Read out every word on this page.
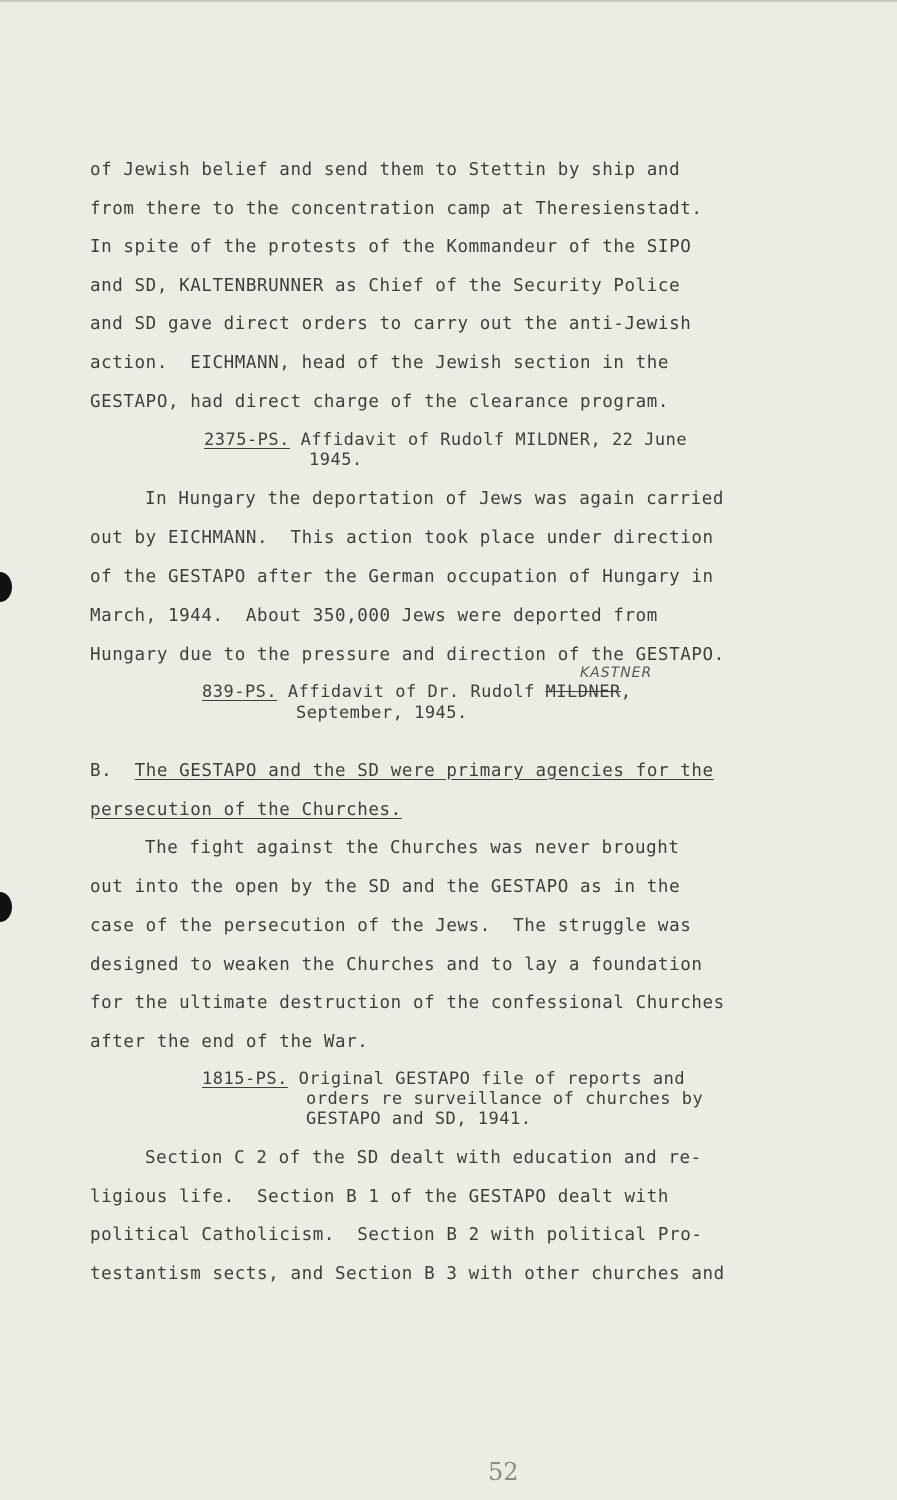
of Jewish belief and send them to Stettin by ship and
from there to the concentration camp at Theresienstadt.
In spite of the protests of the Kommandeur of the SIPO
and SD, KALTENBRUNNER as Chief of the Security Police
and SD gave direct orders to carry out the anti-Jewish
action.  EICHMANN, head of the Jewish section in the
GESTAPO, had direct charge of the clearance program.
2375-PS. Affidavit of Rudolf MILDNER, 22 June
1945.
In Hungary the deportation of Jews was again carried
out by EICHMANN.  This action took place under direction
of the GESTAPO after the German occupation of Hungary in
March, 1944.  About 350,000 Jews were deported from
Hungary due to the pressure and direction of the GESTAPO.
KASTNER
839-PS. Affidavit of Dr. Rudolf MILDNER,
September, 1945.
B. The GESTAPO and the SD were primary agencies for the
persecution of the Churches.
The fight against the Churches was never brought
out into the open by the SD and the GESTAPO as in the
case of the persecution of the Jews.  The struggle was
designed to weaken the Churches and to lay a foundation
for the ultimate destruction of the confessional Churches
after the end of the War.
1815-PS. Original GESTAPO file of reports and
orders re surveillance of churches by
GESTAPO and SD, 1941.
Section C 2 of the SD dealt with education and re-
ligious life.  Section B 1 of the GESTAPO dealt with
political Catholicism.  Section B 2 with political Pro-
testantism sects, and Section B 3 with other churches and
52
